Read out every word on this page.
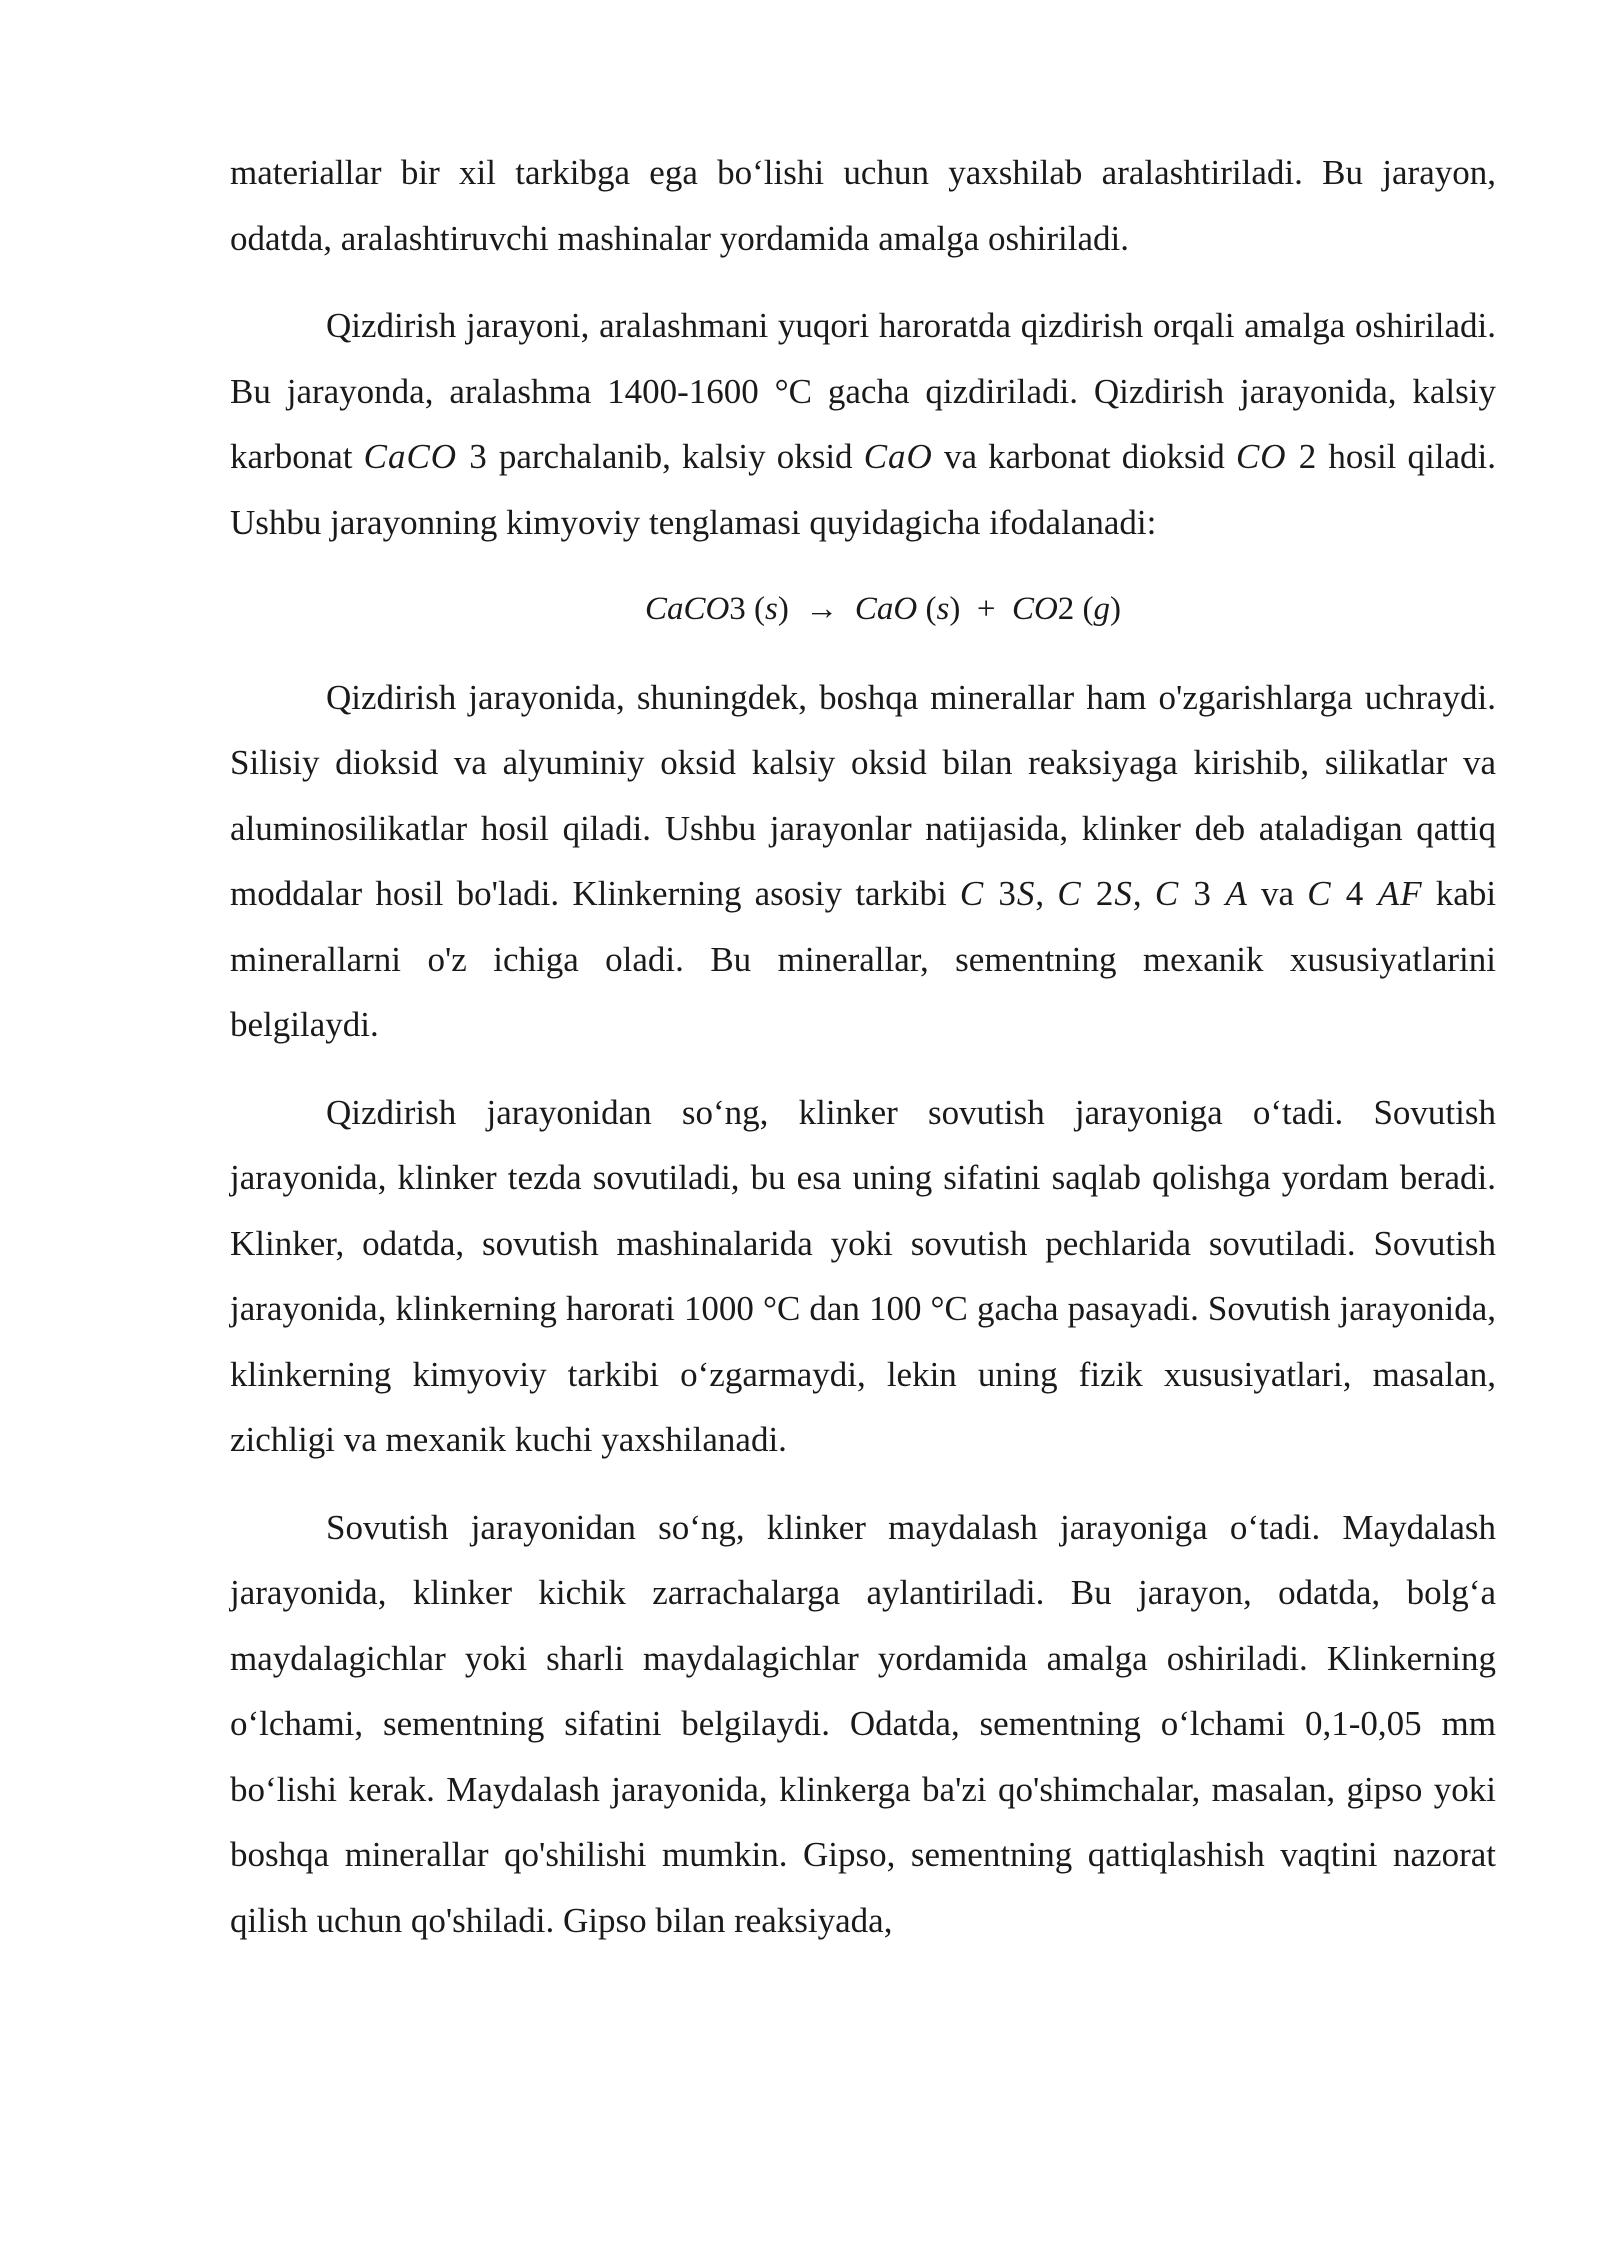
materiallar bir xil tarkibga ega bo‘lishi uchun yaxshilab aralashtiriladi. Bu jarayon, odatda, aralashtiruvchi mashinalar yordamida amalga oshiriladi.

Qizdirish jarayoni, aralashmani yuqori haroratda qizdirish orqali amalga oshiriladi. Bu jarayonda, aralashma 1400-1600 °C gacha qizdiriladi. Qizdirish jarayonida, kalsiy karbonat CaCO 3 parchalanib, kalsiy oksid CaO va karbonat dioksid CO 2 hosil qiladi. Ushbu jarayonning kimyoviy tenglamasi quyidagicha ifodalanadi:

CaCO3 (s)  → CaO (s)  + CO2 (g)

Qizdirish jarayonida, shuningdek, boshqa minerallar ham o'zgarishlarga uchraydi. Silisiy dioksid va alyuminiy oksid kalsiy oksid bilan reaksiyaga kirishib, silikatlar va aluminosilikatlar hosil qiladi. Ushbu jarayonlar natijasida, klinker deb ataladigan qattiq moddalar hosil bo'ladi. Klinkerning asosiy tarkibi C 3S, C 2S, C 3 A va C 4 AF kabi minerallarni o'z ichiga oladi. Bu minerallar, sementning mexanik xususiyatlarini belgilaydi.

Qizdirish jarayonidan so‘ng, klinker sovutish jarayoniga o‘tadi. Sovutish jarayonida, klinker tezda sovutiladi, bu esa uning sifatini saqlab qolishga yordam beradi. Klinker, odatda, sovutish mashinalarida yoki sovutish pechlarida sovutiladi. Sovutish jarayonida, klinkerning harorati 1000 °C dan 100 °C gacha pasayadi. Sovutish jarayonida, klinkerning kimyoviy tarkibi o‘zgarmaydi, lekin uning fizik xususiyatlari, masalan, zichligi va mexanik kuchi yaxshilanadi.

Sovutish jarayonidan so‘ng, klinker maydalash jarayoniga o‘tadi. Maydalash jarayonida, klinker kichik zarrachalarga aylantiriladi. Bu jarayon, odatda, bolg‘a maydalagichlar yoki sharli maydalagichlar yordamida amalga oshiriladi. Klinkerning o‘lchami, sementning sifatini belgilaydi. Odatda, sementning o‘lchami 0,1-0,05 mm bo‘lishi kerak. Maydalash jarayonida, klinkerga ba'zi qo'shimchalar, masalan, gipso yoki boshqa minerallar qo'shilishi mumkin. Gipso, sementning qattiqlashish vaqtini nazorat qilish uchun qo'shiladi. Gipso bilan reaksiyada,
